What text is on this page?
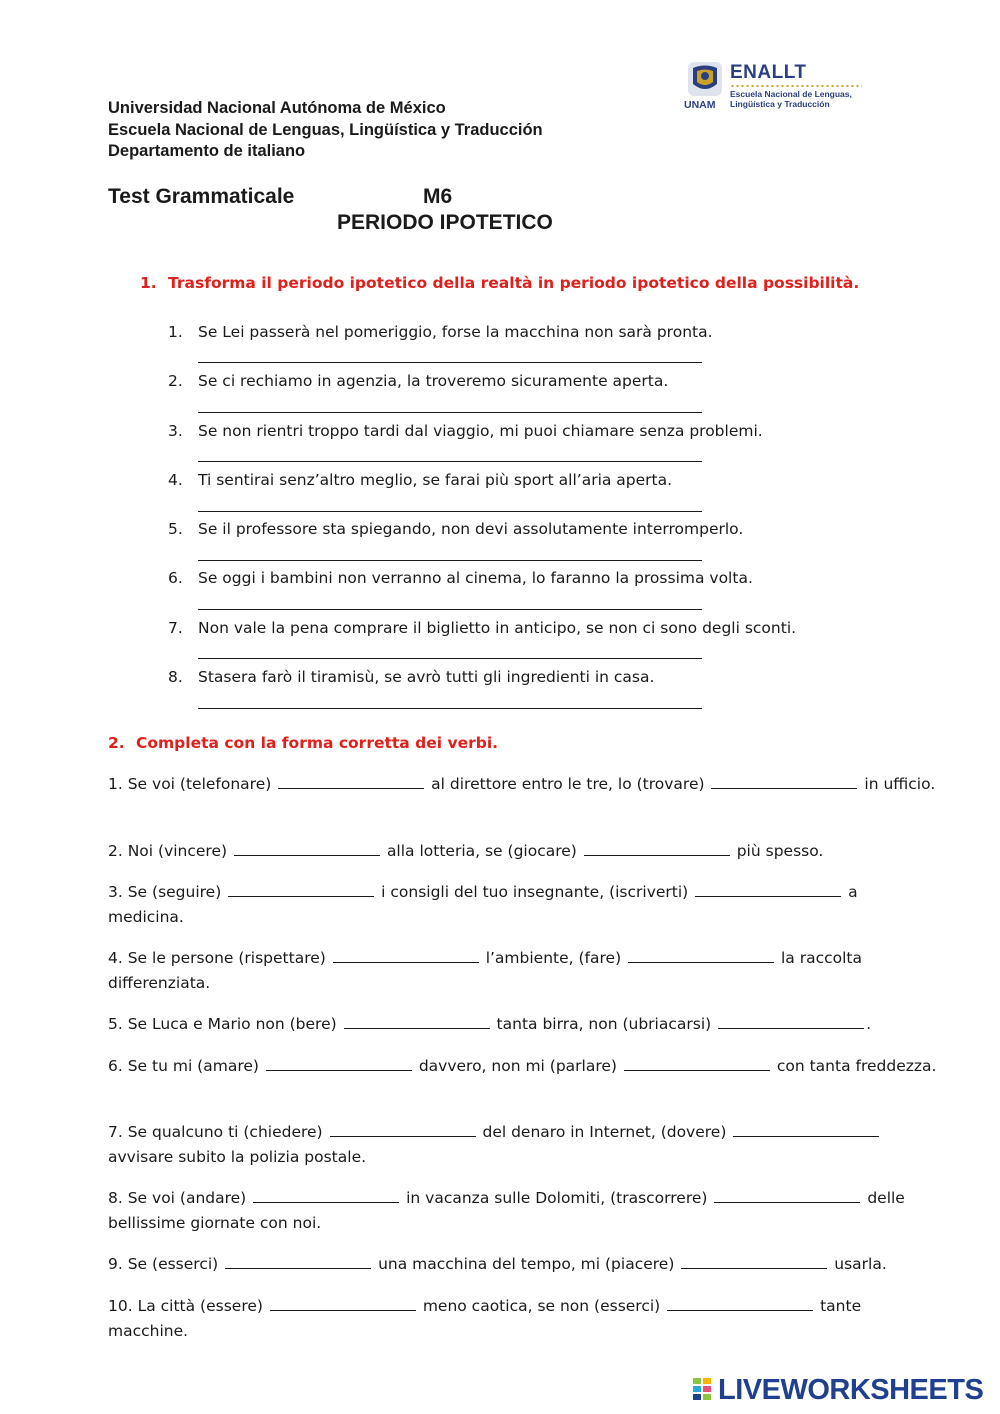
Universidad Nacional Autónoma de México
Escuela Nacional de Lenguas, Lingüística y Traducción
Departamento de italiano
ENALLT
Escuela Nacional de Lenguas,
Lingüística y Traducción
UNAM
Test Grammaticale	M6
PERIODO IPOTETICO
1. Trasforma il periodo ipotetico della realtà in periodo ipotetico della possibilità.
1. Se Lei passerà nel pomeriggio, forse la macchina non sarà pronta.
2. Se ci rechiamo in agenzia, la troveremo sicuramente aperta.
3. Se non rientri troppo tardi dal viaggio, mi puoi chiamare senza problemi.
4. Ti sentirai senz’altro meglio, se farai più sport all’aria aperta.
5. Se il professore sta spiegando, non devi assolutamente interromperlo.
6. Se oggi i bambini non verranno al cinema, lo faranno la prossima volta.
7. Non vale la pena comprare il biglietto in anticipo, se non ci sono degli sconti.
8. Stasera farò il tiramisù, se avrò tutti gli ingredienti in casa.
2. Completa con la forma corretta dei verbi.
1. Se voi (telefonare)	al direttore entro le tre, lo (trovare)	in ufficio.
2. Noi (vincere)	alla lotteria, se (giocare)	più spesso.
3. Se (seguire)	i consigli del tuo insegnante, (iscriverti)	a medicina.
4. Se le persone (rispettare)	l’ambiente, (fare)	la raccolta differenziata.
5. Se Luca e Mario non (bere)	tanta birra, non (ubriacarsi)	.
6. Se tu mi (amare)	davvero, non mi (parlare)	con tanta freddezza.
7. Se qualcuno ti (chiedere)	del denaro in Internet, (dovere)  avvisare subito la polizia postale.
8. Se voi (andare)	in vacanza sulle Dolomiti, (trascorrere)	delle bellissime giornate con noi.
9. Se (esserci)	una macchina del tempo, mi (piacere)	usarla.
10. La città (essere)	meno caotica, se non (esserci)	tante macchine.
LIVEWORKSHEETS
